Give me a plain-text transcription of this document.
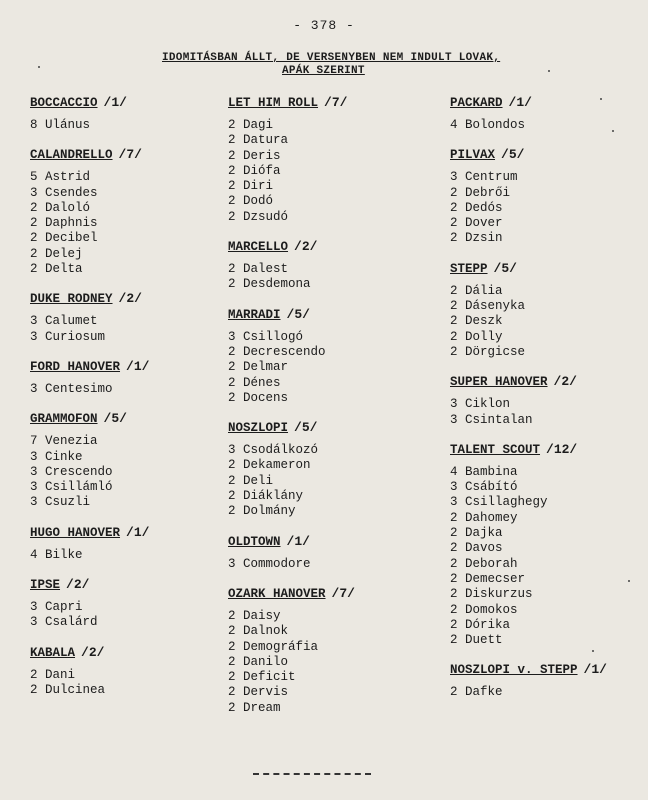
- 378 -
IDOMITÁSBAN ÁLLT, DE VERSENYBEN NEM INDULT LOVAK,
APÁK SZERINT
BOCCACCIO /1/
8 Ulánus
CALANDRELLO /7/
5 Astrid
3 Csendes
2 Daloló
2 Daphnis
2 Decibel
2 Delej
2 Delta
DUKE RODNEY /2/
3 Calumet
3 Curiosum
FORD HANOVER /1/
3 Centesimo
GRAMMOFON /5/
7 Venezia
3 Cinke
3 Crescendo
3 Csillámló
3 Csuzli
HUGO HANOVER /1/
4 Bilke
IPSE /2/
3 Capri
3 Csalárd
KABALA /2/
2 Dani
2 Dulcinea
LET HIM ROLL /7/
2 Dagi
2 Datura
2 Deris
2 Diófa
2 Diri
2 Dodó
2 Dzsudó
MARCELLO /2/
2 Dalest
2 Desdemona
MARRADI /5/
3 Csillogó
2 Decrescendo
2 Delmar
2 Dénes
2 Docens
NOSZLOPI /5/
3 Csodálkozó
2 Dekameron
2 Deli
2 Diáklány
2 Dolmány
OLDTOWN /1/
3 Commodore
OZARK HANOVER /7/
2 Daisy
2 Dalnok
2 Demográfia
2 Danilo
2 Deficit
2 Dervis
2 Dream
PACKARD /1/
4 Bolondos
PILVAX /5/
3 Centrum
2 Debrői
2 Dedós
2 Dover
2 Dzsin
STEPP /5/
2 Dália
2 Dásenyka
2 Deszk
2 Dolly
2 Dörgicse
SUPER HANOVER /2/
3 Ciklon
3 Csintalan
TALENT SCOUT /12/
4 Bambina
3 Csábító
3 Csillaghegy
2 Dahomey
2 Dajka
2 Davos
2 Deborah
2 Demecser
2 Diskurzus
2 Domokos
2 Dórika
2 Duett
NOSZLOPI v. STEPP /1/
2 Dafke
